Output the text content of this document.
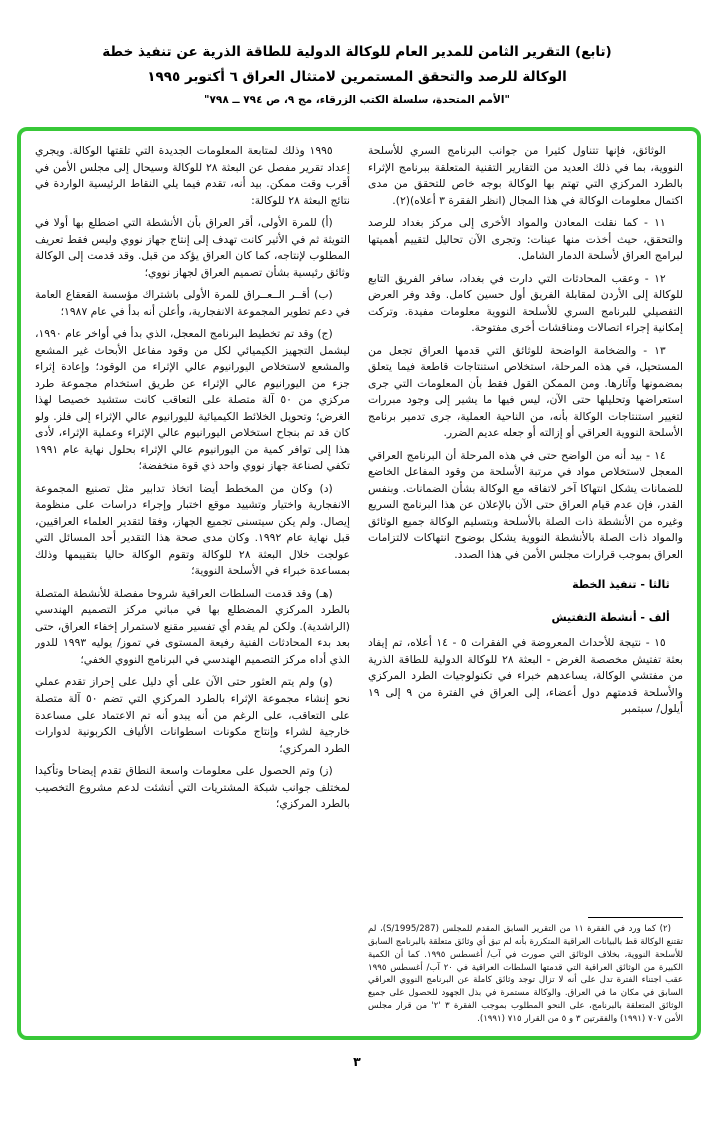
(تابع) التقرير الثامن للمدير العام للوكالة الدولية للطاقة الذرية عن تنفيذ خطة
الوكالة للرصد والتحقق المستمرين لامتثال العراق ٦ أكتوبر ١٩٩٥
"الأمم المتحدة، سلسلة الكتب الزرقاء، مج ٩، ص ٧٩٤ ــ ٧٩٨"

الوثائق، فإنها تتناول كثيرا من جوانب البرنامج السري للأسلحة النووية، بما في ذلك العديد من التقارير التقنية المتعلقة ببرنامج الإثراء بالطرد المركزي التي تهتم بها الوكالة بوجه خاص للتحقق من مدى اكتمال معلومات الوكالة في هذا المجال (انظر الفقرة ٣ أعلاه)(٢).

١١ - كما نقلت المعادن والمواد الأخرى إلى مركز بغداد للرصد والتحقق، حيث أخذت منها عينات: وتجرى الآن تحاليل لتقييم أهميتها لبرامج العراق لأسلحة الدمار الشامل.

١٢ - وعقب المحادثات التي دارت في بغداد، سافر الفريق التابع للوكالة إلى الأردن لمقابلة الفريق أول حسين كامل. وقد وفر العرض التفصيلي للبرنامج السري للأسلحة النووية معلومات مفيدة. وتركت إمكانية إجراء اتصالات ومناقشات أخرى مفتوحة.

١٣ - والضخامة الواضحة للوثائق التي قدمها العراق تجعل من المستحيل، في هذه المرحلة، استخلاص استنتاجات قاطعة فيما يتعلق بمضمونها وآثارها. ومن الممكن القول فقط بأن المعلومات التي جرى استعراضها وتحليلها حتى الآن، ليس فيها ما يشير إلى وجود مبررات لتغيير استنتاجات الوكالة بأنه، من الناحية العملية، جرى تدمير برنامج الأسلحة النووية العراقي أو إزالته أو جعله عديم الضرر.

١٤ - بيد أنه من الواضح حتى في هذه المرحلة أن البرنامج العراقي المعجل لاستخلاص مواد في مرتبة الأسلحة من وقود المفاعل الخاضع للضمانات يشكل انتهاكا آخر لاتفاقه مع الوكالة بشأن الضمانات. وبنفس القدر، فإن عدم قيام العراق حتى الآن بالإعلان عن هذا البرنامج السريع وغيره من الأنشطة ذات الصلة بالأسلحة وبتسليم الوكالة جميع الوثائق والمواد ذات الصلة بالأنشطة النووية يشكل بوضوح انتهاكات لالتزامات العراق بموجب قرارات مجلس الأمن في هذا الصدد.

ثالثا - تنفيذ الخطة
ألف - أنشطة التفتيش

١٥ - نتيجة للأحداث المعروضة في الفقرات ٥ - ١٤ أعلاه، تم إيفاد بعثة تفتيش مخصصة الغرض - البعثة ٢٨ للوكالة الدولية للطاقة الذرية من مفتشي الوكالة، يساعدهم خبراء في تكنولوجيات الطرد المركزي والأسلحة قدمتهم دول أعضاء، إلى العراق في الفترة من ٩ إلى ١٩ أيلول/ سبتمبر

(٢) كما ورد في الفقرة ١١ من التقرير السابق المقدم للمجلس (S/1995/287)، لم تقتنع الوكالة قط بالبيانات العراقية المتكررة بأنه لم تبق أي وثائق متعلقة بالبرنامج السابق للأسلحة النووية، بخلاف الوثائق التي صورت في آب/ أغسطس ١٩٩٥. كما أن الكمية الكبيرة من الوثائق العراقية التي قدمتها السلطات العراقية في ٢٠ آب/ أغسطس ١٩٩٥ عقب اجتناء الفترة تدل على أنه لا تزال توجد وثائق كاملة عن البرنامج النووي العراقي السابق في مكان ما في العراق. والوكالة مستمرة في بذل الجهود للحصول على جميع الوثائق المتعلقة بالبرنامج، على النحو المطلوب بموجب الفقرة ٣ '٢' من قرار مجلس الأمن ٧٠٧ (١٩٩١) والفقرتين ٣ و ٥ من القرار ٧١٥ (١٩٩١).

١٩٩٥ وذلك لمتابعة المعلومات الجديدة التي تلقتها الوكالة. ويجري إعداد تقرير مفصل عن البعثة ٢٨ للوكالة وسيحال إلى مجلس الأمن في أقرب وقت ممكن. بيد أنه، تقدم فيما يلي النقاط الرئيسية الواردة في نتائج البعثة ٢٨ للوكالة:

(أ) للمرة الأولى، أقر العراق بأن الأنشطة التي اضطلع بها أولا في التويثة ثم في الأثير كانت تهدف إلى إنتاج جهاز نووي وليس فقط تعريف المطلوب لإنتاجه، كما كان العراق يؤكد من قبل. وقد قدمت إلى الوكالة وثائق رئيسية بشأن تصميم العراق لجهاز نووي؛

(ب) أقــر الــعــراق للمرة الأولى باشتراك مؤسسة القعقاع العامة في دعم تطوير المجموعة الانفجارية، وأعلن أنه بدأ في عام ١٩٨٧؛

(ج) وقد تم تخطيط البرنامج المعجل، الذي بدأ في أواخر عام ١٩٩٠، ليشمل التجهيز الكيميائي لكل من وقود مفاعل الأبحاث غير المشعع والمشعع لاستخلاص اليورانيوم عالي الإثراء من الوقود؛ وإعادة إثراء جزء من اليورانيوم عالي الإثراء عن طريق استخدام مجموعة طرد مركزي من ٥٠ آلة متصلة على التعاقب كانت ستشيد خصيصا لهذا الغرض؛ وتحويل الخلائط الكيميائية لليورانيوم عالي الإثراء إلى فلز. ولو كان قد تم بنجاح استخلاص اليورانيوم عالي الإثراء وعملية الإثراء، لأدى هذا إلى توافر كمية من اليورانيوم عالي الإثراء بحلول نهاية عام ١٩٩١ تكفي لصناعة جهاز نووي واحد ذي قوة منخفضة؛

(د) وكان من المخطط أيضا اتخاذ تدابير مثل تصنيع المجموعة الانفجارية واختيار وتشييد موقع اختبار وإجراء دراسات على منظومة إيصال. ولم يكن سيتسنى تجميع الجهاز، وفقا لتقدير العلماء العراقيين، قبل نهاية عام ١٩٩٢. وكان مدى صحة هذا التقدير أحد المسائل التي عولجت خلال البعثة ٢٨ للوكالة وتقوم الوكالة حاليا بتقييمها وذلك بمساعدة خبراء في الأسلحة النووية؛

(هـ) وقد قدمت السلطات العراقية شروحا مفصلة للأنشطة المتصلة بالطرد المركزي المضطلع بها في مباني مركز التصميم الهندسي (الراشدية). ولكن لم يقدم أي تفسير مقنع لاستمرار إخفاء العراق، حتى بعد بدء المحادثات الفنية رفيعة المستوى في تموز/ يوليه ١٩٩٣ للدور الذي أداه مركز التصميم الهندسي في البرنامج النووي الخفي؛

(و) ولم يتم العثور حتى الآن على أي دليل على إحراز تقدم عملي نحو إنشاء مجموعة الإثراء بالطرد المركزي التي تضم ٥٠ آلة متصلة على التعاقب، على الرغم من أنه يبدو أنه تم الاعتماد على مساعدة خارجية لشراء وإنتاج مكونات اسطوانات الألياف الكربونية لدوارات الطرد المركزي؛

(ز) وتم الحصول على معلومات واسعة النطاق تقدم إيضاحا وتأكيدا لمختلف جوانب شبكة المشتريات التي أنشئت لدعم مشروع التخصيب بالطرد المركزي؛

٣
